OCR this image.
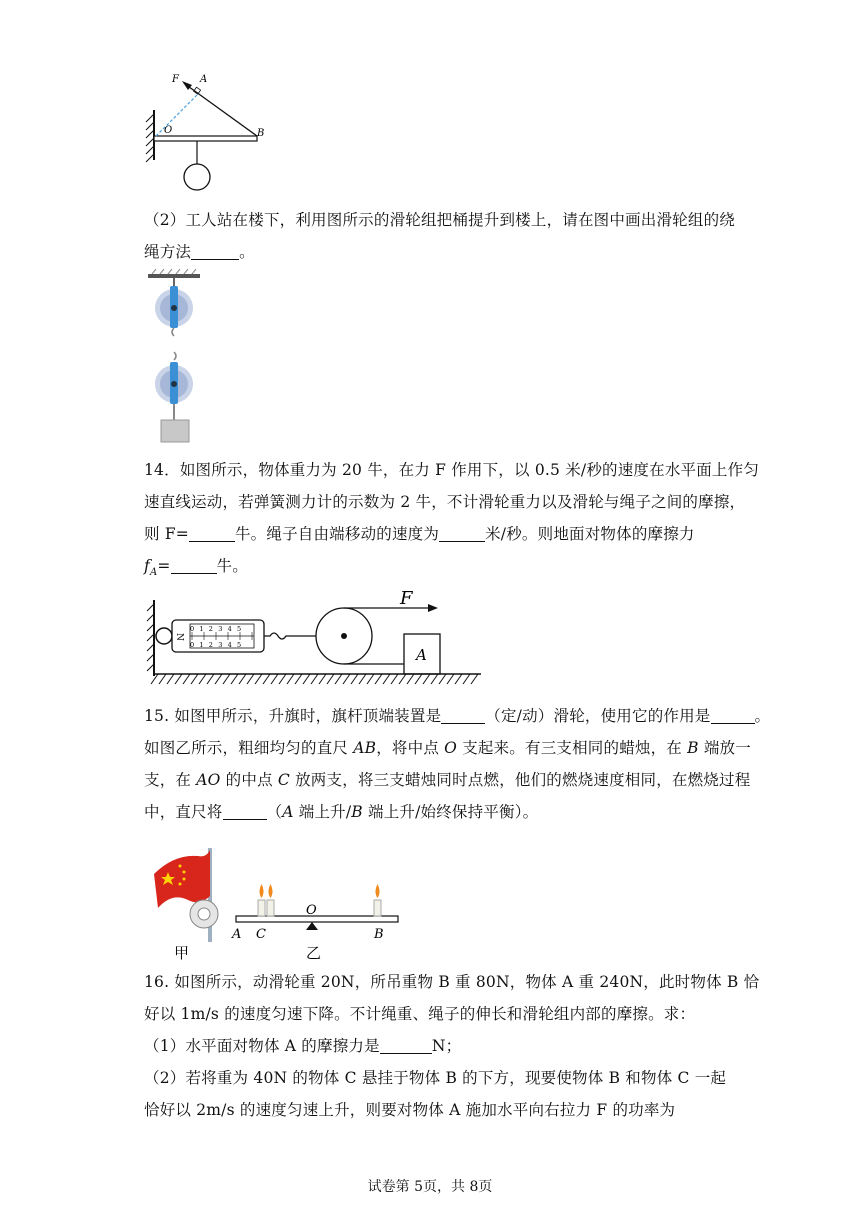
F A
O	B
（2）工人站在楼下，利用图所示的滑轮组把桶提升到楼上，请在图中画出滑轮组的绕
绳方法	。
14．如图所示，物体重力为 20 牛，在力 F 作用下，以 0.5 米/秒的速度在水平面上作匀
速直线运动，若弹簧测力计的示数为 2 牛，不计滑轮重力以及滑轮与绳子之间的摩擦，
则 F=	牛。绳子自由端移动的速度为	米/秒。则地面对物体的摩擦力
$f_A=$	牛。
N
0 1 2 3 4 5
0 1 2 3 4 5
F
A
15. 如图甲所示，升旗时，旗杆顶端装置是	（定/动）滑轮，使用它的作用是	。
如图乙所示，粗细均匀的直尺 AB，将中点 O 支起来。有三支相同的蜡烛，在 B 端放一
支，在 AO 的中点 C 放两支，将三支蜡烛同时点燃，他们的燃烧速度相同，在燃烧过程
中，直尺将	（A 端上升/B 端上升/始终保持平衡）。
甲
A C
O
B
乙
16. 如图所示，动滑轮重 20N，所吊重物 B 重 80N，物体 A 重 240N，此时物体 B 恰
好以 1m/s 的速度匀速下降。不计绳重、绳子的伸长和滑轮组内部的摩擦。求：
（1）水平面对物体 A 的摩擦力是	N；
（2）若将重为 40N 的物体 C 悬挂于物体 B 的下方，现要使物体 B 和物体 C 一起
恰好以 2m/s 的速度匀速上升，则要对物体 A 施加水平向右拉力 F 的功率为
试卷第 5页，共 8页
